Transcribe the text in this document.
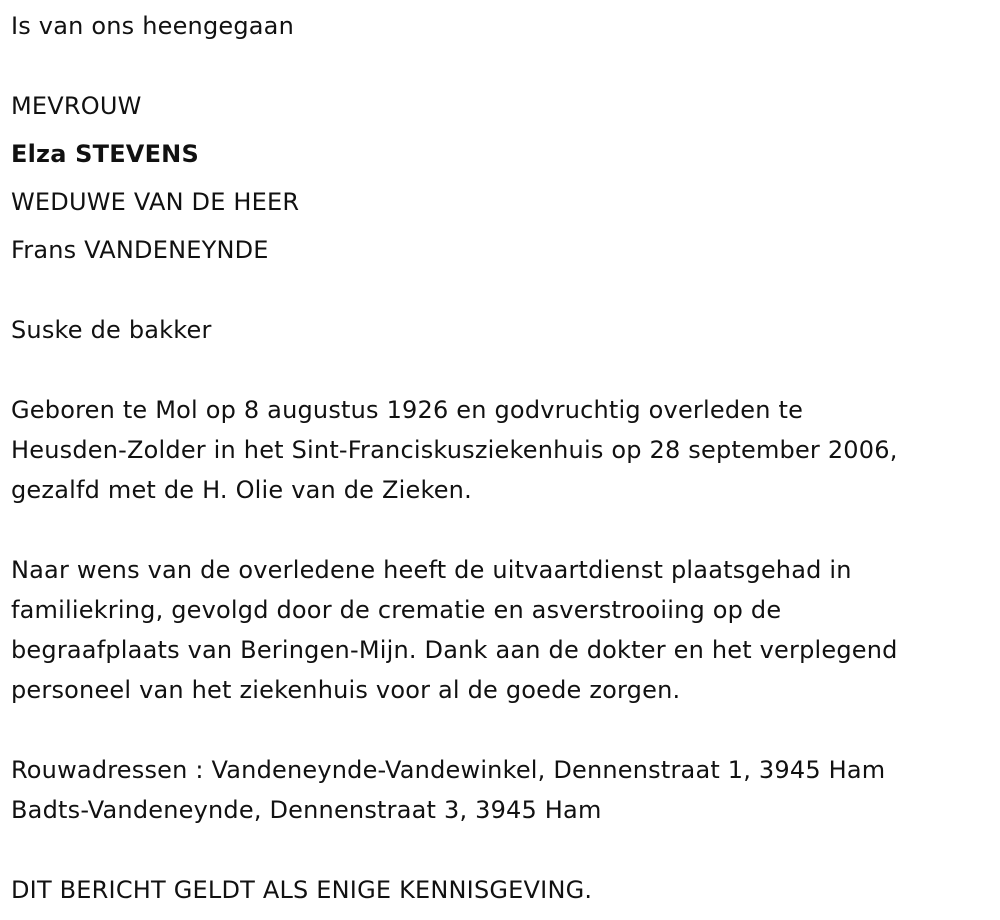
Is van ons heengegaan
MEVROUW
Elza STEVENS
WEDUWE VAN DE HEER
Frans VANDENEYNDE
Suske de bakker
Geboren te Mol op 8 augustus 1926 en godvruchtig overleden te
Heusden-Zolder in het Sint-Franciskusziekenhuis op 28 september 2006,
gezalfd met de H. Olie van de Zieken.
Naar wens van de overledene heeft de uitvaartdienst plaatsgehad in
familiekring, gevolgd door de crematie en asverstrooiing op de
begraafplaats van Beringen-Mijn. Dank aan de dokter en het verplegend
personeel van het ziekenhuis voor al de goede zorgen.
Rouwadressen : Vandeneynde-Vandewinkel, Dennenstraat 1, 3945 Ham
Badts-Vandeneynde, Dennenstraat 3, 3945 Ham
DIT BERICHT GELDT ALS ENIGE KENNISGEVING.
